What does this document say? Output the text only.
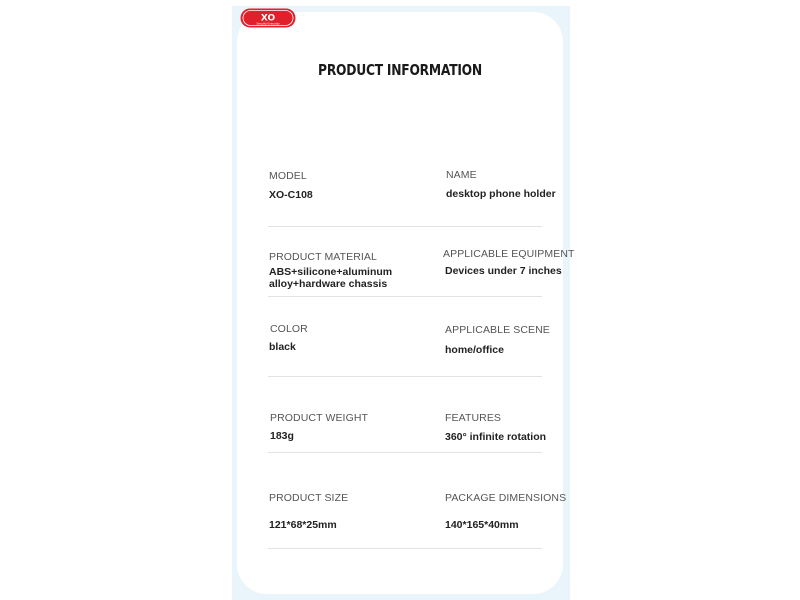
XO
Simplify Everyday
PRODUCT INFORMATION
MODEL
XO-C108
NAME
desktop phone holder
PRODUCT MATERIAL
ABS+silicone+aluminum
alloy+hardware chassis
APPLICABLE EQUIPMENT
Devices under 7 inches
COLOR
black
APPLICABLE SCENE
home/office
PRODUCT WEIGHT
183g
FEATURES
360° infinite rotation
PRODUCT SIZE
121*68*25mm
PACKAGE DIMENSIONS
140*165*40mm
